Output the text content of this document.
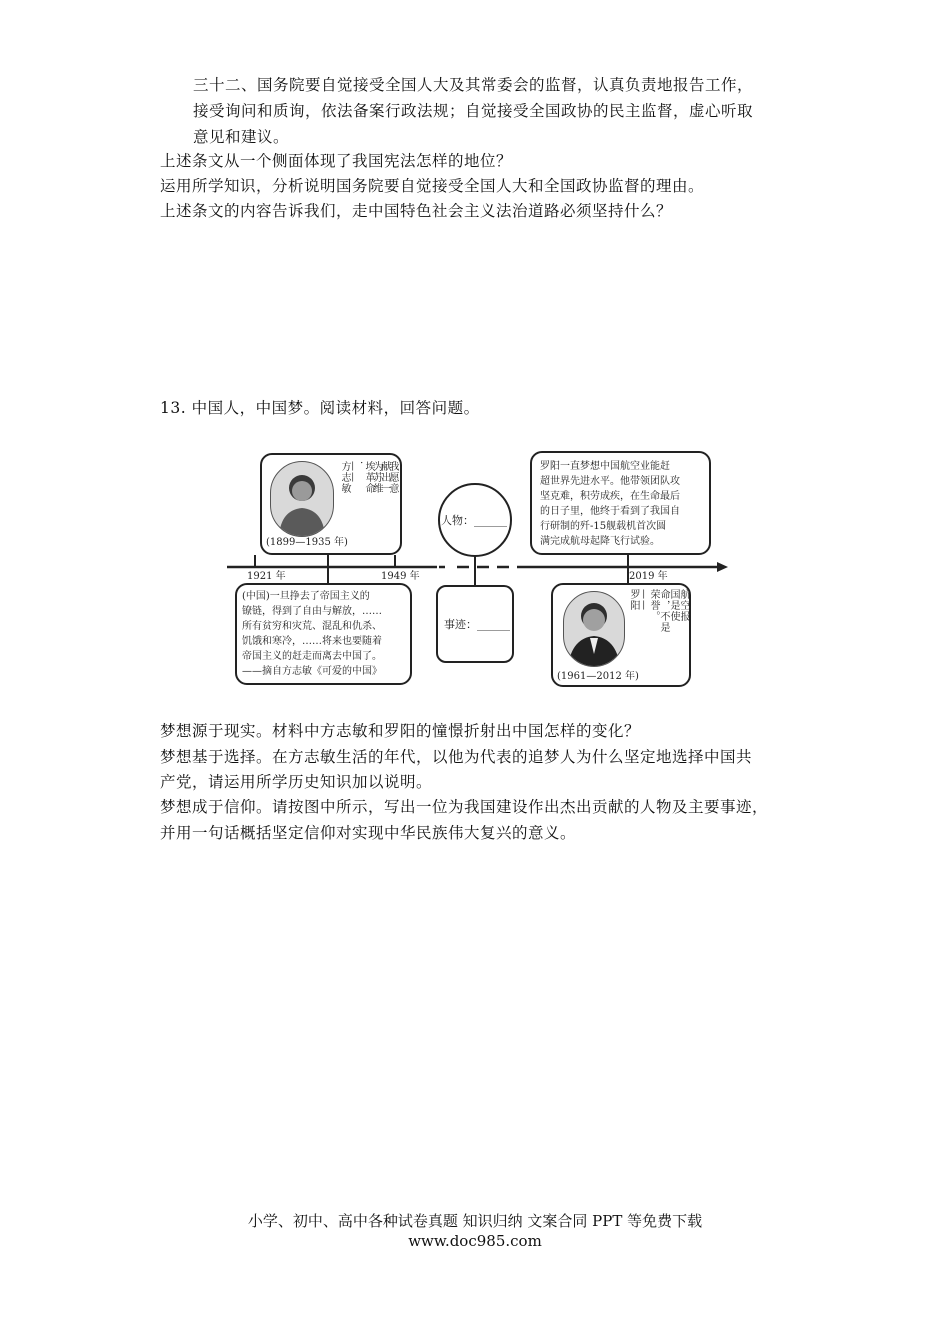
三十二、国务院要自觉接受全国人大及其常委会的监督，认真负责地报告工作，
接受询问和质询，依法备案行政法规；自觉接受全国政协的民主监督，虚心听取
意见和建议。
上述条文从一个侧面体现了我国宪法怎样的地位？
运用所学知识，分析说明国务院要自觉接受全国人大和全国政协监督的理由。
上述条文的内容告诉我们，走中国特色社会主义法治道路必须坚持什么？
13. 中国人，中国梦。阅读材料，回答问题。
1921 年	1949 年	2019 年
(1899—1935 年)
我愿意
献出一
为苏维
埃革命
·
——
方志敏
(中国)一旦挣去了帝国主义的
镣链，得到了自由与解放，……
所有贫穷和灾荒、混乱和仇杀、
饥饿和寒冷，……将来也要随着
帝国主义的赶走而离去中国了。
——摘自方志敏《可爱的中国》
人物：______
事迹：______
罗阳一直梦想中国航空业能赶
超世界先进水平。他带领团队攻
坚克难，积劳成疾，在生命最后
的日子里，他终于看到了我国自
行研制的歼-15舰载机首次圆
满完成航母起降飞行试验。
(1961—2012 年)
航空报
国是使
命，不是
荣誉。
——
罗阳
梦想源于现实。材料中方志敏和罗阳的憧憬折射出中国怎样的变化？
梦想基于选择。在方志敏生活的年代，以他为代表的追梦人为什么坚定地选择中国共
产党，请运用所学历史知识加以说明。
梦想成于信仰。请按图中所示，写出一位为我国建设作出杰出贡献的人物及主要事迹，
并用一句话概括坚定信仰对实现中华民族伟大复兴的意义。
小学、初中、高中各种试卷真题 知识归纳 文案合同 PPT 等免费下载
www.doc985.com
